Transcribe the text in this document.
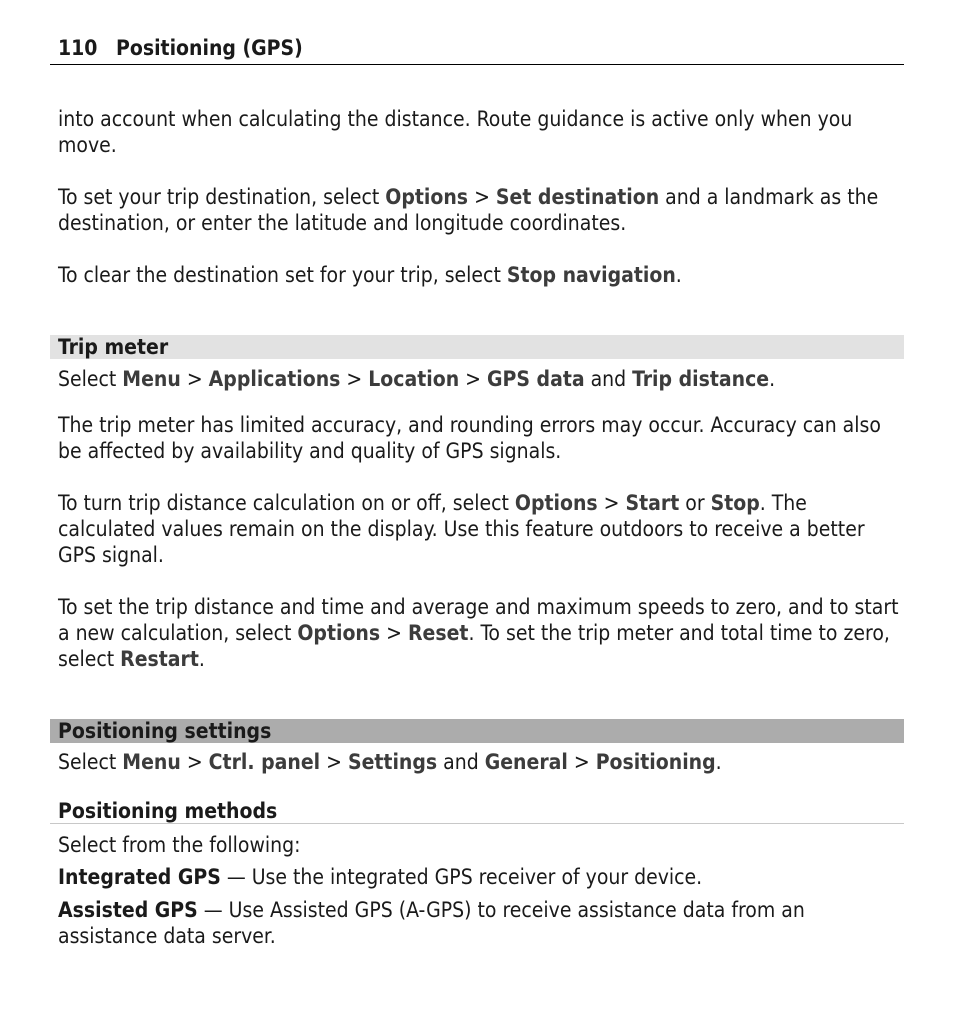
110 Positioning (GPS)

into account when calculating the distance. Route guidance is active only when you move.

To set your trip destination, select Options > Set destination and a landmark as the destination, or enter the latitude and longitude coordinates.

To clear the destination set for your trip, select Stop navigation.

Trip meter

Select Menu > Applications > Location > GPS data and Trip distance.

The trip meter has limited accuracy, and rounding errors may occur. Accuracy can also be affected by availability and quality of GPS signals.

To turn trip distance calculation on or off, select Options > Start or Stop. The calculated values remain on the display. Use this feature outdoors to receive a better GPS signal.

To set the trip distance and time and average and maximum speeds to zero, and to start a new calculation, select Options > Reset. To set the trip meter and total time to zero, select Restart.

Positioning settings

Select Menu > Ctrl. panel > Settings and General > Positioning.

Positioning methods

Select from the following:

Integrated GPS — Use the integrated GPS receiver of your device.

Assisted GPS — Use Assisted GPS (A-GPS) to receive assistance data from an assistance data server.
